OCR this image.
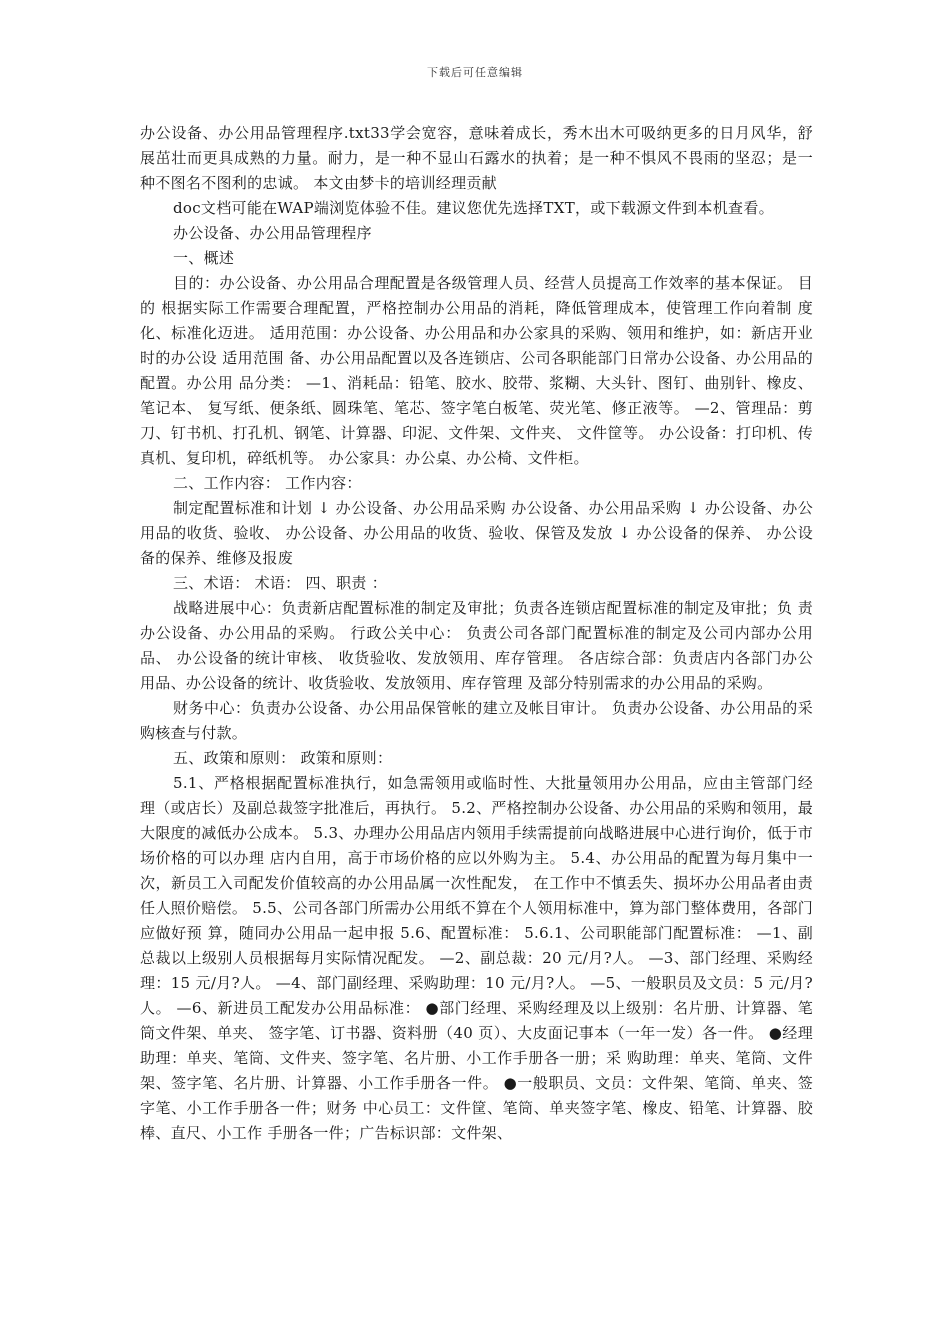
下载后可任意编辑

办公设备、办公用品管理程序.txt33学会宽容，意味着成长，秀木出木可吸纳更多的日月风华，舒展茁壮而更具成熟的力量。耐力，是一种不显山石露水的执着；是一种不惧风不畏雨的坚忍；是一种不图名不图利的忠诚。 本文由梦卡的培训经理贡献

doc文档可能在WAP端浏览体验不佳。建议您优先选择TXT，或下载源文件到本机查看。

办公设备、办公用品管理程序

一、概述

目的：办公设备、办公用品合理配置是各级管理人员、经营人员提高工作效率的基本保证。 目的 根据实际工作需要合理配置，严格控制办公用品的消耗，降低管理成本，使管理工作向着制 度化、标准化迈进。 适用范围：办公设备、办公用品和办公家具的采购、领用和维护，如：新店开业时的办公设 适用范围 备、办公用品配置以及各连锁店、公司各职能部门日常办公设备、办公用品的配置。办公用 品分类： —1、消耗品：铅笔、胶水、胶带、浆糊、大头针、图钉、曲别针、橡皮、笔记本、 复写纸、便条纸、圆珠笔、笔芯、签字笔白板笔、荧光笔、修正液等。 —2、管理品：剪刀、钉书机、打孔机、钢笔、计算器、印泥、文件架、文件夹、 文件筐等。 办公设备：打印机、传真机、复印机，碎纸机等。 办公家具：办公桌、办公椅、文件柜。

二、工作内容： 工作内容：

制定配置标准和计划 ↓ 办公设备、办公用品采购 办公设备、办公用品采购 ↓ 办公设备、办公用品的收货、验收、 办公设备、办公用品的收货、验收、保管及发放 ↓ 办公设备的保养、 办公设备的保养、维修及报废

三、术语： 术语： 四、职责 ：

战略进展中心：负责新店配置标准的制定及审批；负责各连锁店配置标准的制定及审批；负 责办公设备、办公用品的采购。 行政公关中心： 负责公司各部门配置标准的制定及公司内部办公用品、 办公设备的统计审核、 收货验收、发放领用、库存管理。 各店综合部：负责店内各部门办公用品、办公设备的统计、收货验收、发放领用、库存管理 及部分特别需求的办公用品的采购。

财务中心：负责办公设备、办公用品保管帐的建立及帐目审计。 负责办公设备、办公用品的采购核查与付款。

五、政策和原则： 政策和原则：

5.1、严格根据配置标准执行，如急需领用或临时性、大批量领用办公用品，应由主管部门经 理（或店长）及副总裁签字批准后，再执行。 5.2、严格控制办公设备、办公用品的采购和领用，最大限度的减低办公成本。 5.3、办理办公用品店内领用手续需提前向战略进展中心进行询价，低于市场价格的可以办理 店内自用，高于市场价格的应以外购为主。 5.4、办公用品的配置为每月集中一次，新员工入司配发价值较高的办公用品属一次性配发， 在工作中不慎丢失、损坏办公用品者由责任人照价赔偿。 5.5、公司各部门所需办公用纸不算在个人领用标准中，算为部门整体费用，各部门应做好预 算，随同办公用品一起申报 5.6、配置标准： 5.6.1、公司职能部门配置标准： —1、副总裁以上级别人员根据每月实际情况配发。 —2、副总裁：20 元/月?人。 —3、部门经理、采购经理：15 元/月?人。 —4、部门副经理、采购助理：10 元/月?人。 —5、一般职员及文员：5 元/月?人。 —6、新进员工配发办公用品标准： ●部门经理、采购经理及以上级别：名片册、计算器、笔筒文件架、单夹、 签字笔、订书器、资料册（40 页）、大皮面记事本（一年一发）各一件。 ●经理助理：单夹、笔筒、文件夹、签字笔、名片册、小工作手册各一册；采 购助理：单夹、笔筒、文件架、签字笔、名片册、计算器、小工作手册各一件。 ●一般职员、文员：文件架、笔筒、单夹、签字笔、小工作手册各一件；财务 中心员工：文件筐、笔筒、单夹签字笔、橡皮、铅笔、计算器、胶棒、直尺、小工作 手册各一件；广告标识部：文件架、
